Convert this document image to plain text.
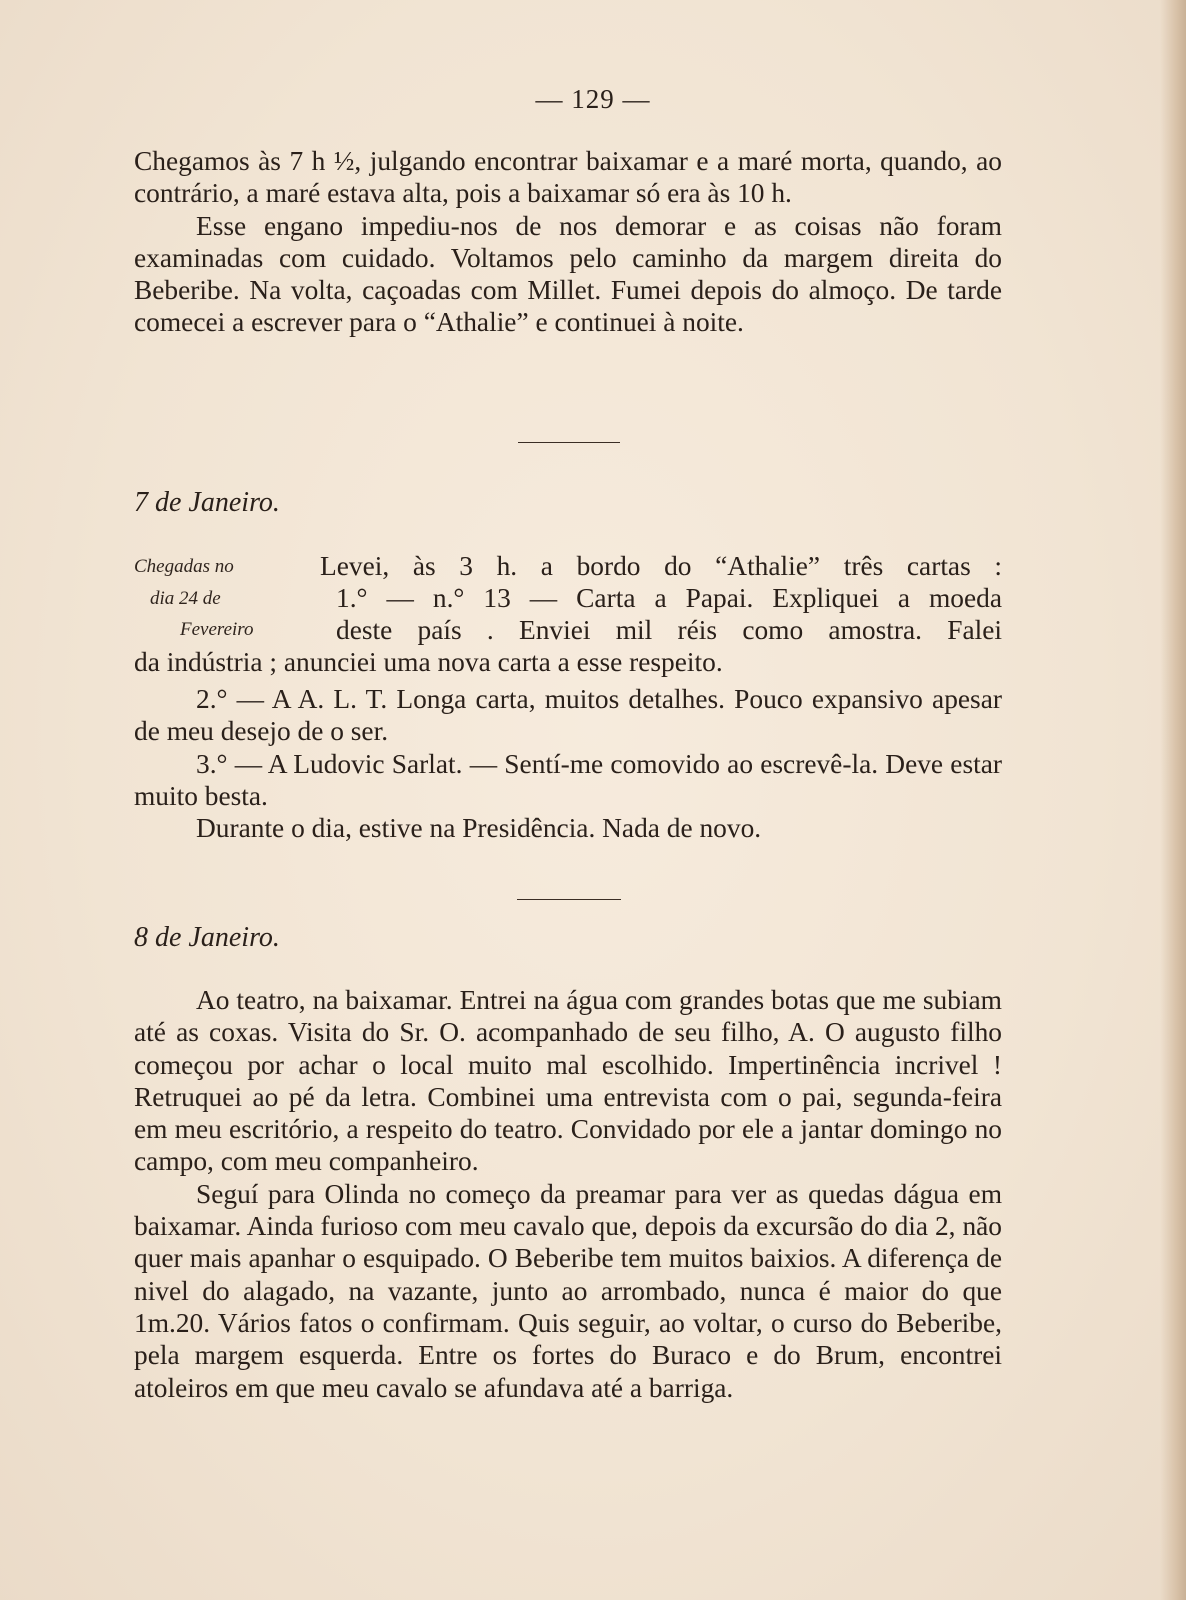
— 129 —

Chegamos às 7 h ½, julgando encontrar baixamar e a maré morta, quando, ao contrário, a maré estava alta, pois a baixamar só era às 10 h.

Esse engano impediu-nos de nos demorar e as coisas não foram examinadas com cuidado. Voltamos pelo caminho da margem direita do Beberibe. Na volta, caçoadas com Millet. Fumei depois do almoço. De tarde comecei a escrever para o “Athalie” e continuei à noite.

7 de Janeiro.
Chegadas no
dia 24 de
Fevereiro
Levei, às 3 h. a bordo do “Athalie” três cartas :
1.° — n.° 13 — Carta a Papai. Expliquei a moeda
deste país . Enviei mil réis como amostra. Falei
da indústria ; anunciei uma nova carta a esse respeito.

2.° — A A. L. T. Longa carta, muitos detalhes. Pouco expansivo apesar de meu desejo de o ser.

3.° — A Ludovic Sarlat. — Sentí-me comovido ao escrevê-la. Deve estar muito besta.

Durante o dia, estive na Presidência. Nada de novo.

8 de Janeiro.

Ao teatro, na baixamar. Entrei na água com grandes botas que me subiam até as coxas. Visita do Sr. O. acompanhado de seu filho, A. O augusto filho começou por achar o local muito mal escolhido. Impertinência incrivel ! Retruquei ao pé da letra. Combinei uma entrevista com o pai, segunda-feira em meu escritório, a respeito do teatro. Convidado por ele a jantar domingo no campo, com meu companheiro.

Seguí para Olinda no começo da preamar para ver as quedas dágua em baixamar. Ainda furioso com meu cavalo que, depois da excursão do dia 2, não quer mais apanhar o esquipado. O Beberibe tem muitos baixios. A diferença de nivel do alagado, na vazante, junto ao arrombado, nunca é maior do que 1m.20. Vários fatos o confirmam. Quis seguir, ao voltar, o curso do Beberibe, pela margem esquerda. Entre os fortes do Buraco e do Brum, encontrei atoleiros em que meu cavalo se afundava até a barriga.
